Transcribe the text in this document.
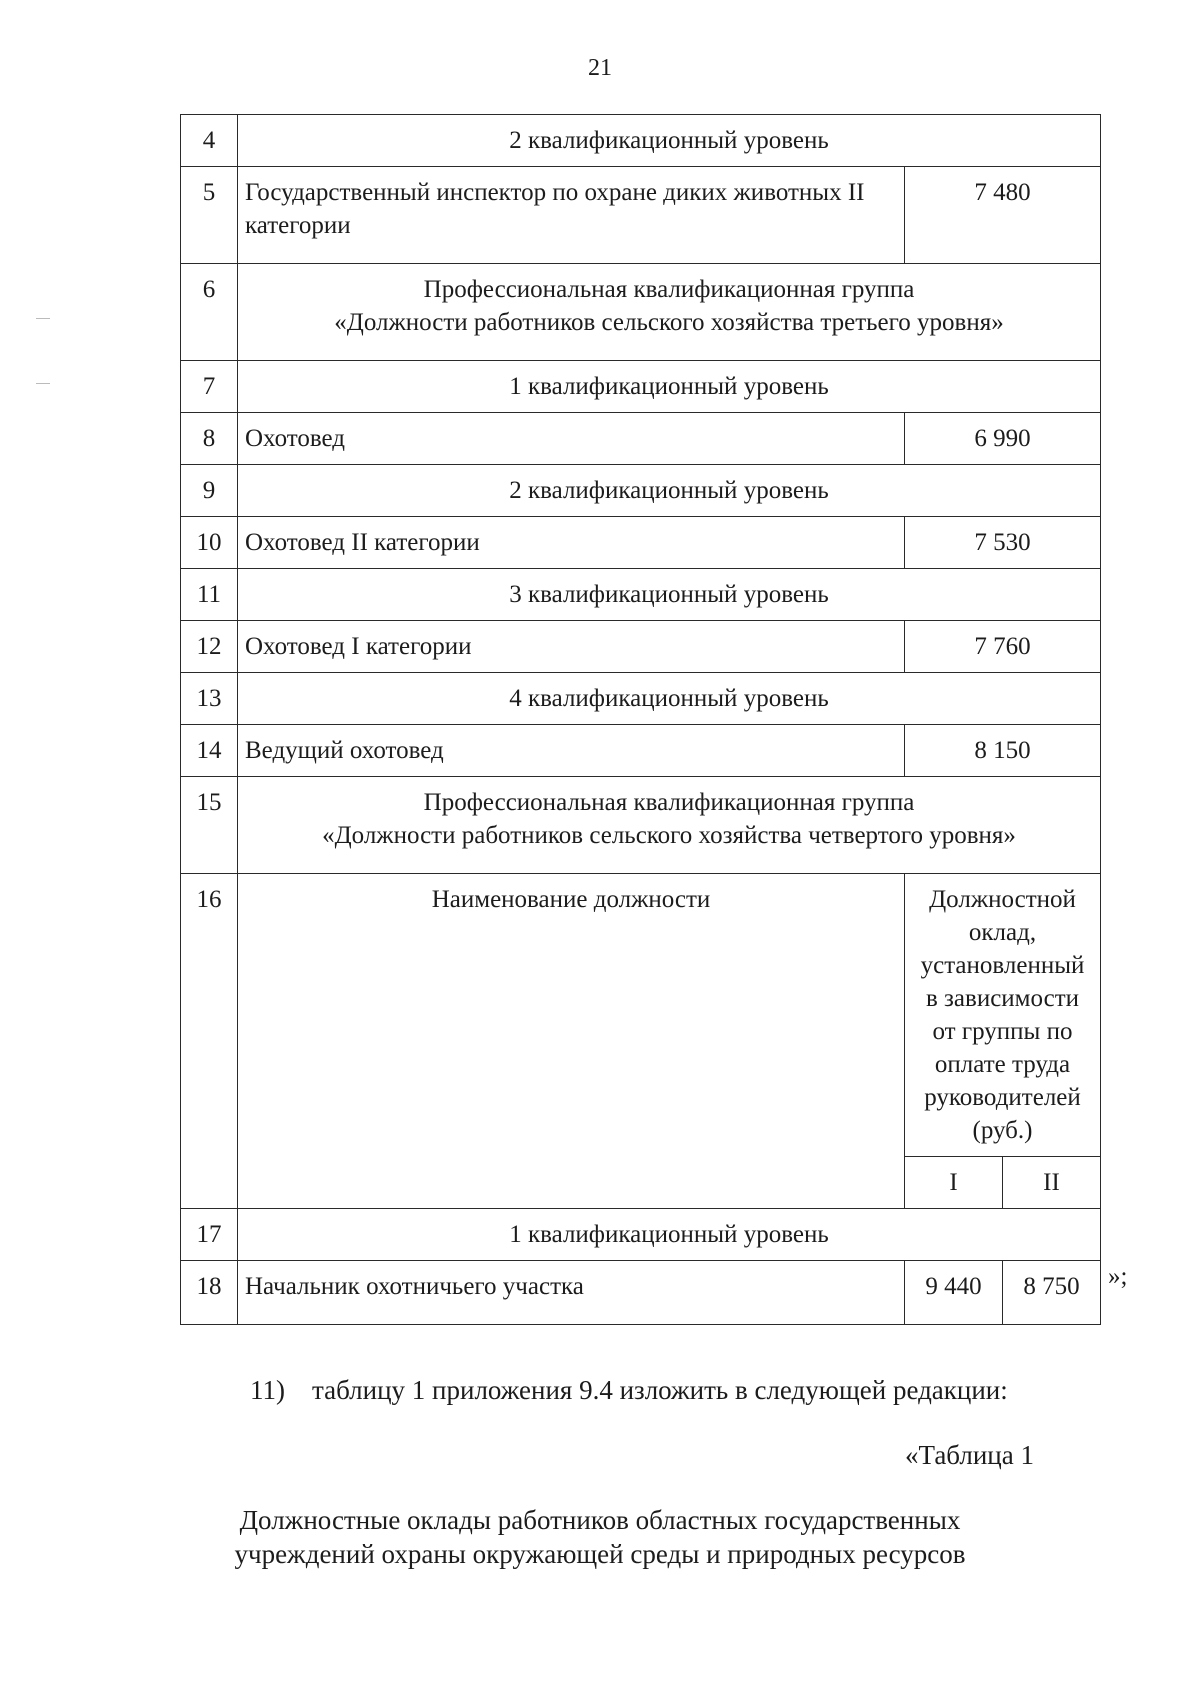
21
4	2 квалификационный уровень		
5	Государственный инспектор по охране диких животных II категории	7 480	
6	Профессиональная квалификационная группа
«Должности работников сельского хозяйства третьего уровня»		

7	1 квалификационный уровень		
8	Охотовед	6 990	
9	2 квалификационный уровень		
10	Охотовед II категории	7 530	
11	3 квалификационный уровень		
12	Охотовед I категории	7 760	
13	4 квалификационный уровень		
14	Ведущий охотовед	8 150	
15	Профессиональная квалификационная группа
«Должности работников сельского хозяйства четвертого уровня»		

16	Наименование должности	Должностной оклад, установленный в зависимости от группы по оплате труда руководителей (руб.)	
		I	II
17	1 квалификационный уровень		
18	Начальник охотничьего участка	9 440	8 750 »;
11)    таблицу 1 приложения 9.4 изложить в следующей редакции:
«Таблица 1
Должностные оклады работников областных государственных
учреждений охраны окружающей среды и природных ресурсов
